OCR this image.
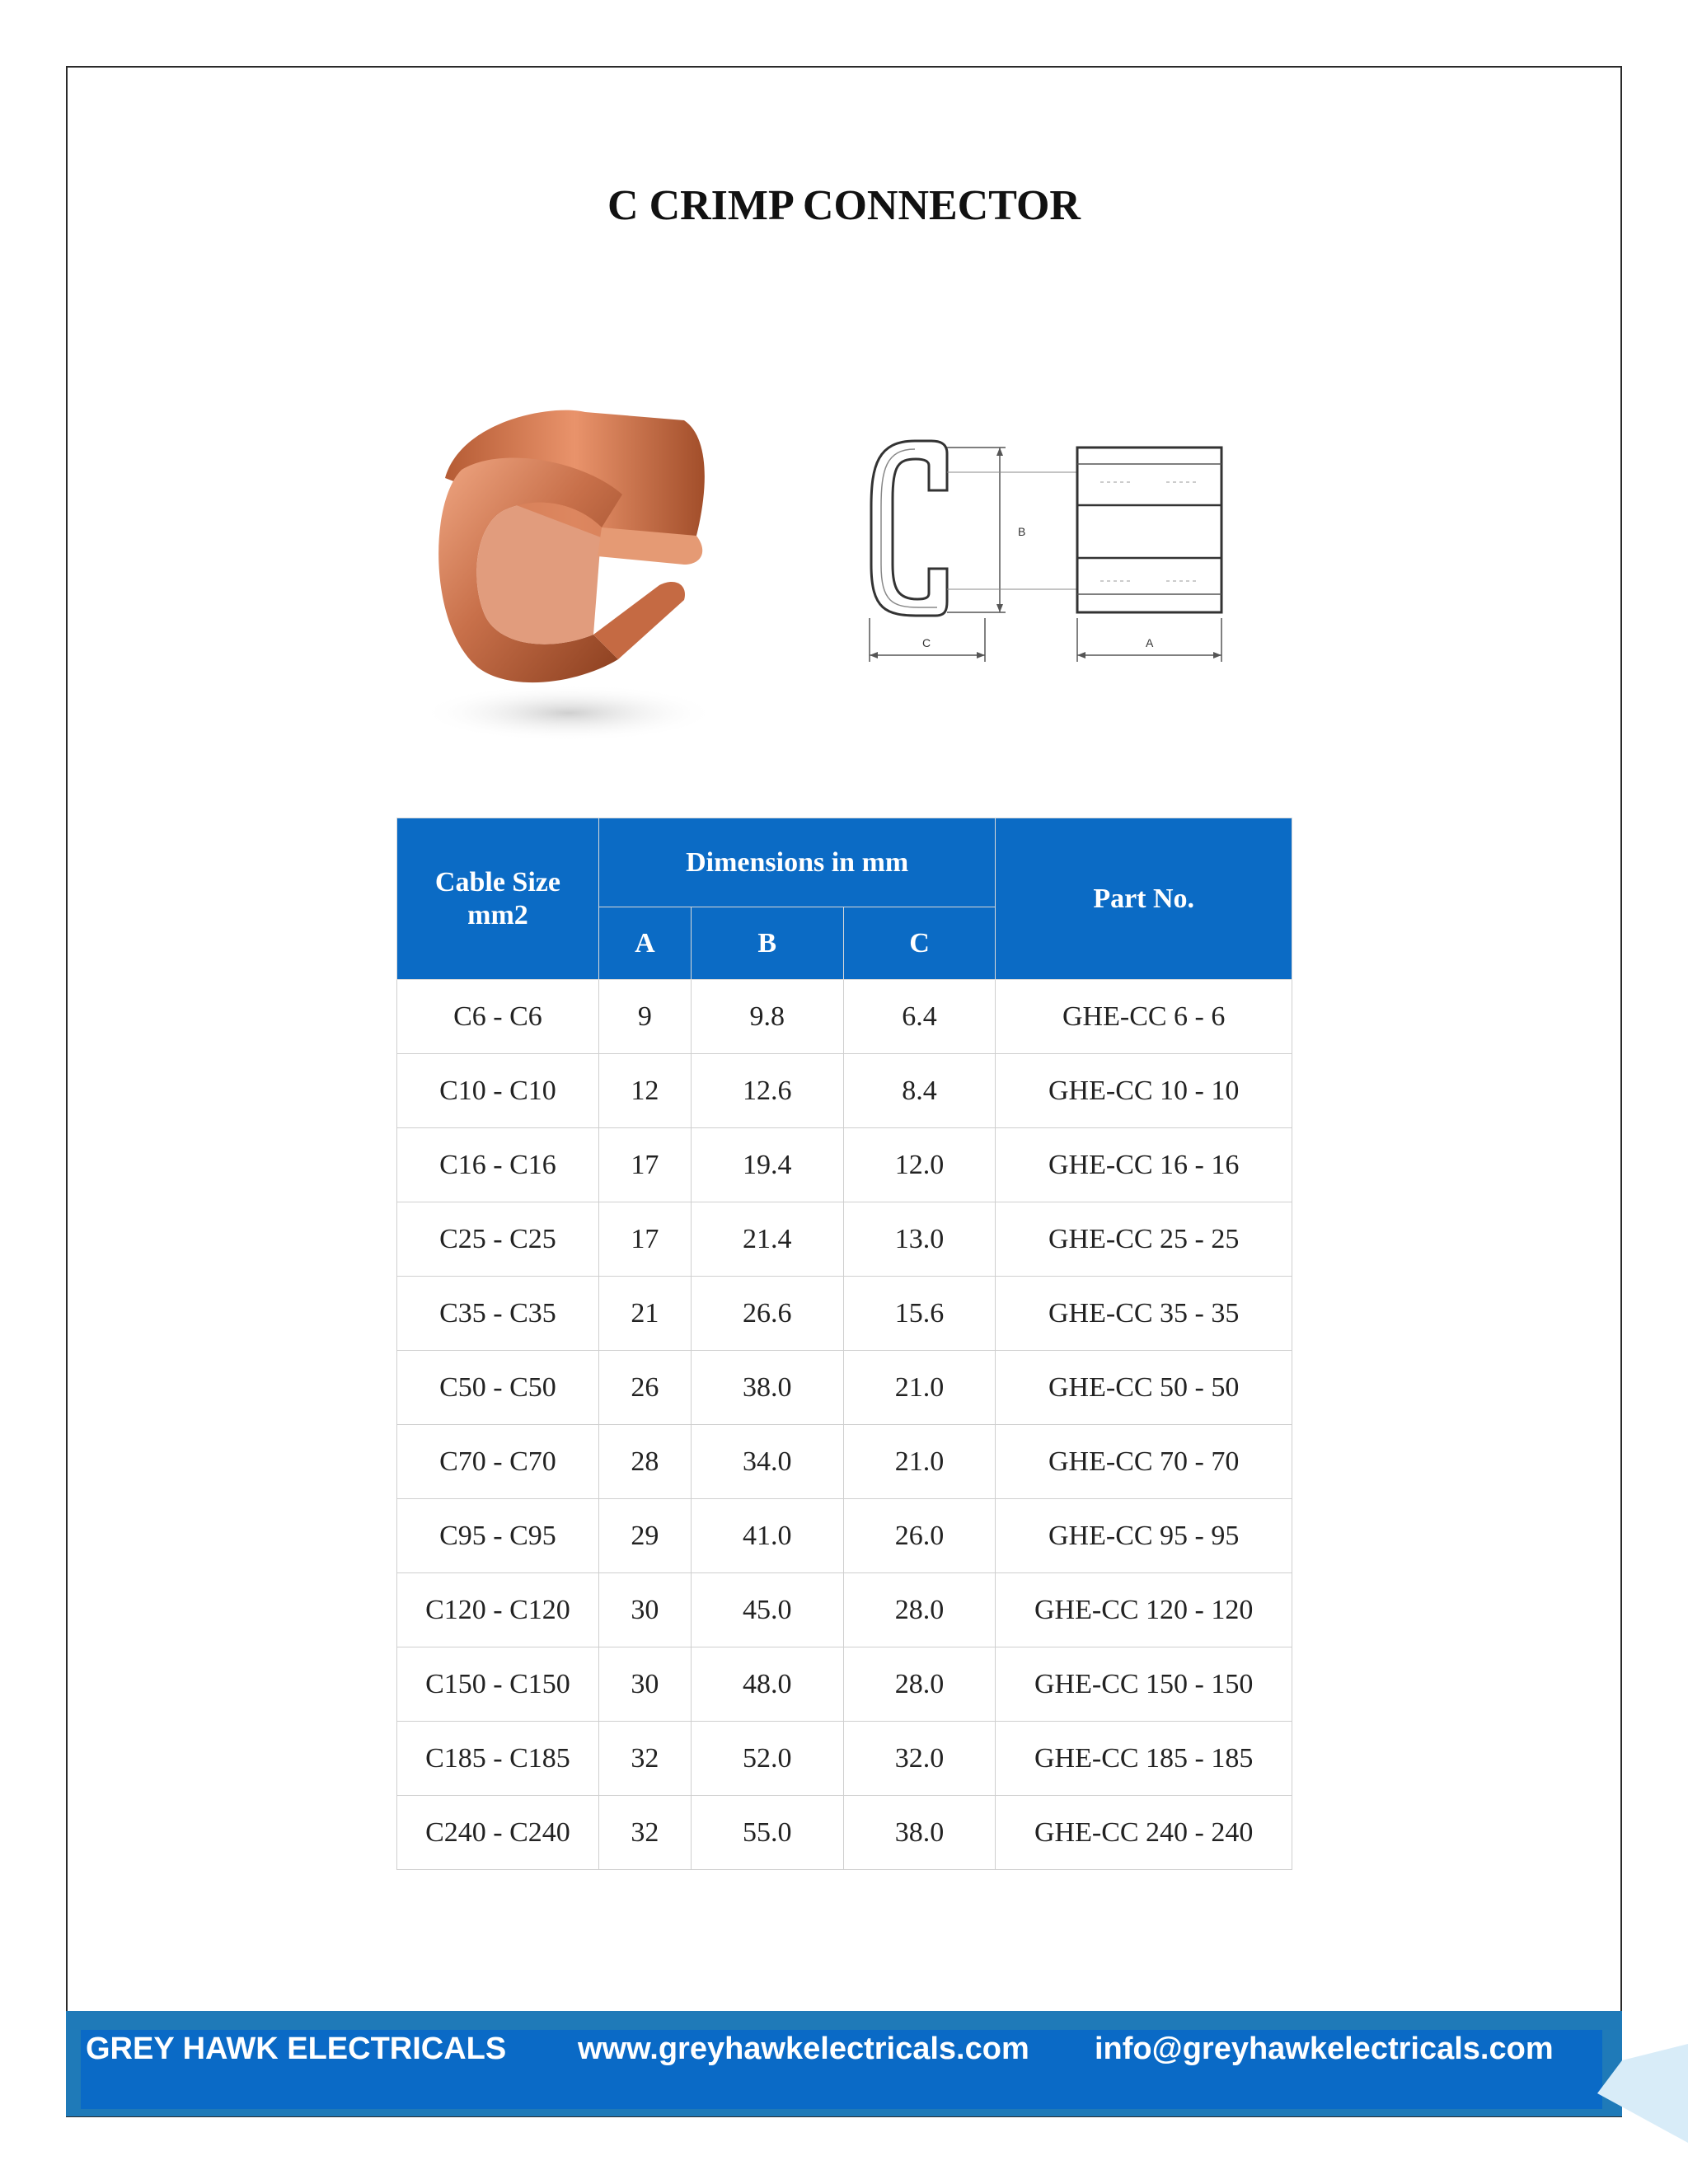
C CRIMP CONNECTOR
B
C	A
Cable Size mm2	Dimensions in mm			Part No.
	A	B	C	
C6 - C6	9	9.8	6.4	GHE-CC 6 - 6
C10 - C10	12	12.6	8.4	GHE-CC 10 - 10
C16 - C16	17	19.4	12.0	GHE-CC 16 - 16
C25 - C25	17	21.4	13.0	GHE-CC 25 - 25
C35 - C35	21	26.6	15.6	GHE-CC 35 - 35
C50 - C50	26	38.0	21.0	GHE-CC 50 - 50
C70 - C70	28	34.0	21.0	GHE-CC 70 - 70
C95 - C95	29	41.0	26.0	GHE-CC 95 - 95
C120 - C120	30	45.0	28.0	GHE-CC 120 - 120
C150 - C150	30	48.0	28.0	GHE-CC 150 - 150
C185 - C185	32	52.0	32.0	GHE-CC 185 - 185
C240 - C240	32	55.0	38.0	GHE-CC 240 - 240
GREY HAWK ELECTRICALS www.greyhawkelectricals.com info@greyhawkelectricals.com
